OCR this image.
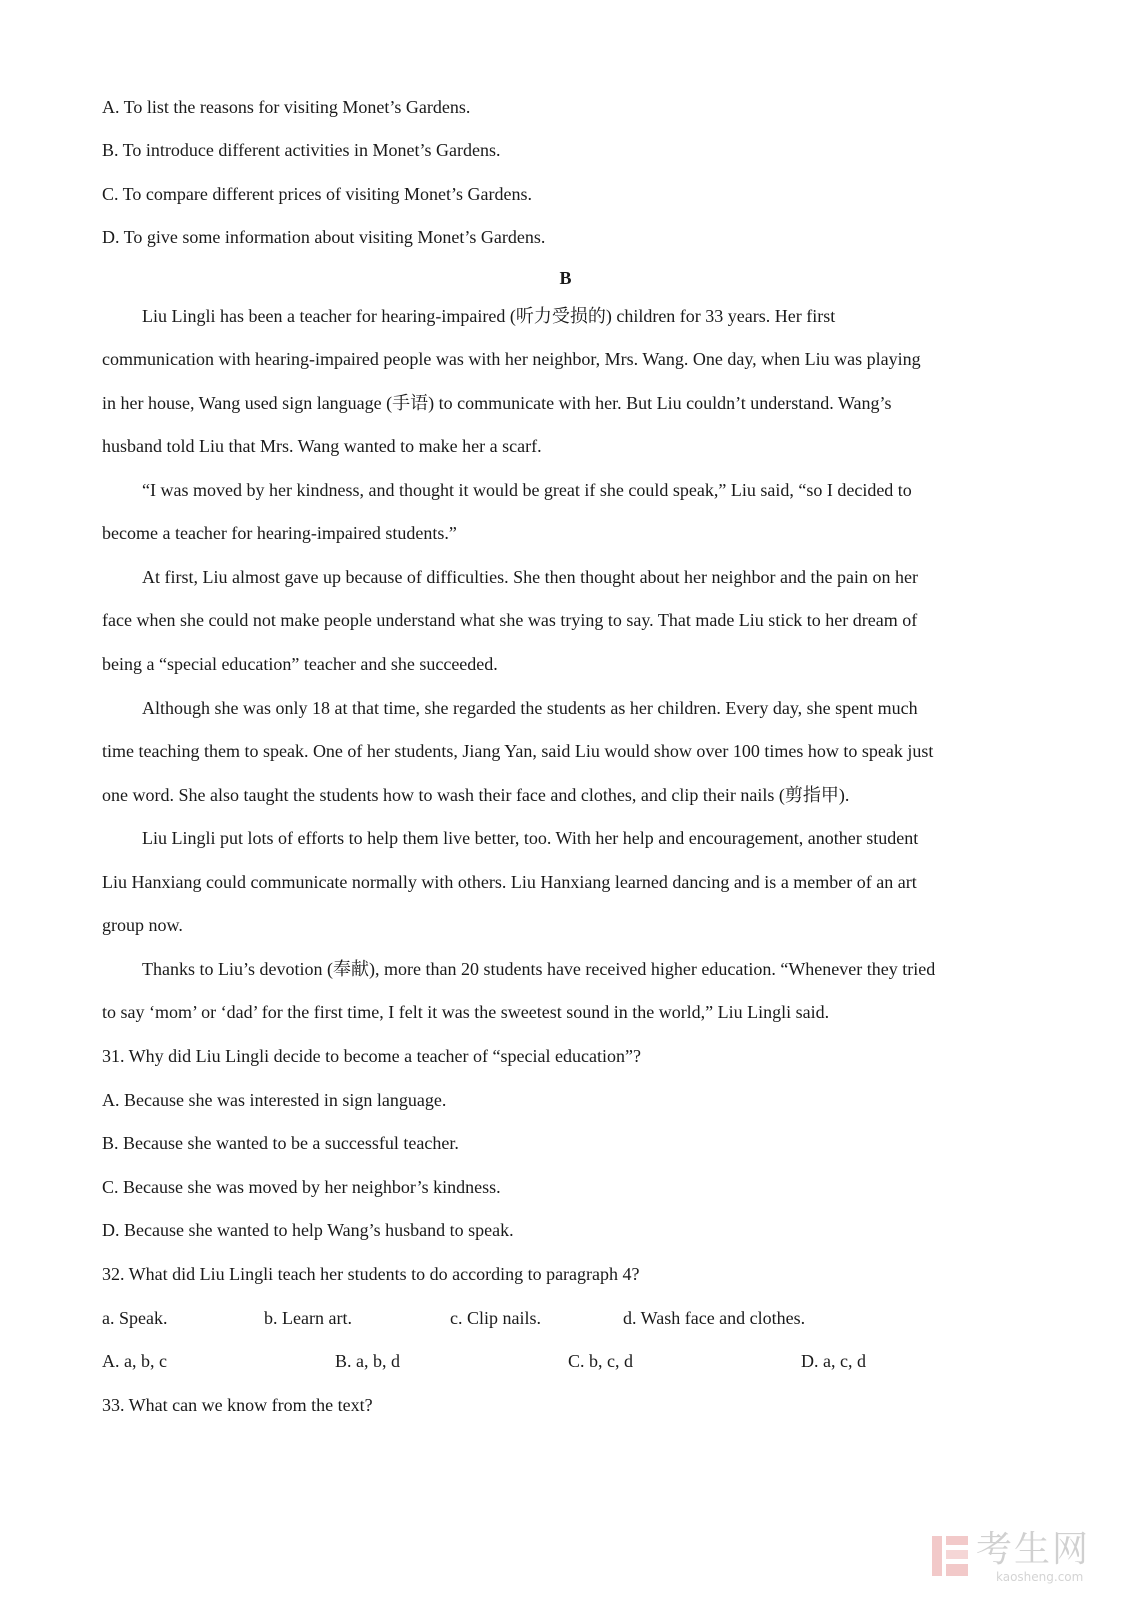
A. To list the reasons for visiting Monet’s Gardens.
B. To introduce different activities in Monet’s Gardens.
C. To compare different prices of visiting Monet’s Gardens.
D. To give some information about visiting Monet’s Gardens.
B
Liu Lingli has been a teacher for hearing-impaired (听力受损的) children for 33 years. Her first
communication with hearing-impaired people was with her neighbor, Mrs. Wang. One day, when Liu was playing
in her house, Wang used sign language (手语) to communicate with her. But Liu couldn’t understand. Wang’s
husband told Liu that Mrs. Wang wanted to make her a scarf.
“I was moved by her kindness, and thought it would be great if she could speak,” Liu said, “so I decided to
become a teacher for hearing-impaired students.”
At first, Liu almost gave up because of difficulties. She then thought about her neighbor and the pain on her
face when she could not make people understand what she was trying to say. That made Liu stick to her dream of
being a “special education” teacher and she succeeded.
Although she was only 18 at that time, she regarded the students as her children. Every day, she spent much
time teaching them to speak. One of her students, Jiang Yan, said Liu would show over 100 times how to speak just
one word. She also taught the students how to wash their face and clothes, and clip their nails (剪指甲).
Liu Lingli put lots of efforts to help them live better, too. With her help and encouragement, another student
Liu Hanxiang could communicate normally with others. Liu Hanxiang learned dancing and is a member of an art
group now.
Thanks to Liu’s devotion (奉献), more than 20 students have received higher education. “Whenever they tried
to say ‘mom’ or ‘dad’ for the first time, I felt it was the sweetest sound in the world,” Liu Lingli said.
31. Why did Liu Lingli decide to become a teacher of “special education”?
A. Because she was interested in sign language.
B. Because she wanted to be a successful teacher.
C. Because she was moved by her neighbor’s kindness.
D. Because she wanted to help Wang’s husband to speak.
32. What did Liu Lingli teach her students to do according to paragraph 4?
a. Speak.	b. Learn art.	c. Clip nails.	d. Wash face and clothes.
A. a, b, c	B. a, b, d	C. b, c, d	D. a, c, d
33. What can we know from the text?
考生网
kaosheng.com
